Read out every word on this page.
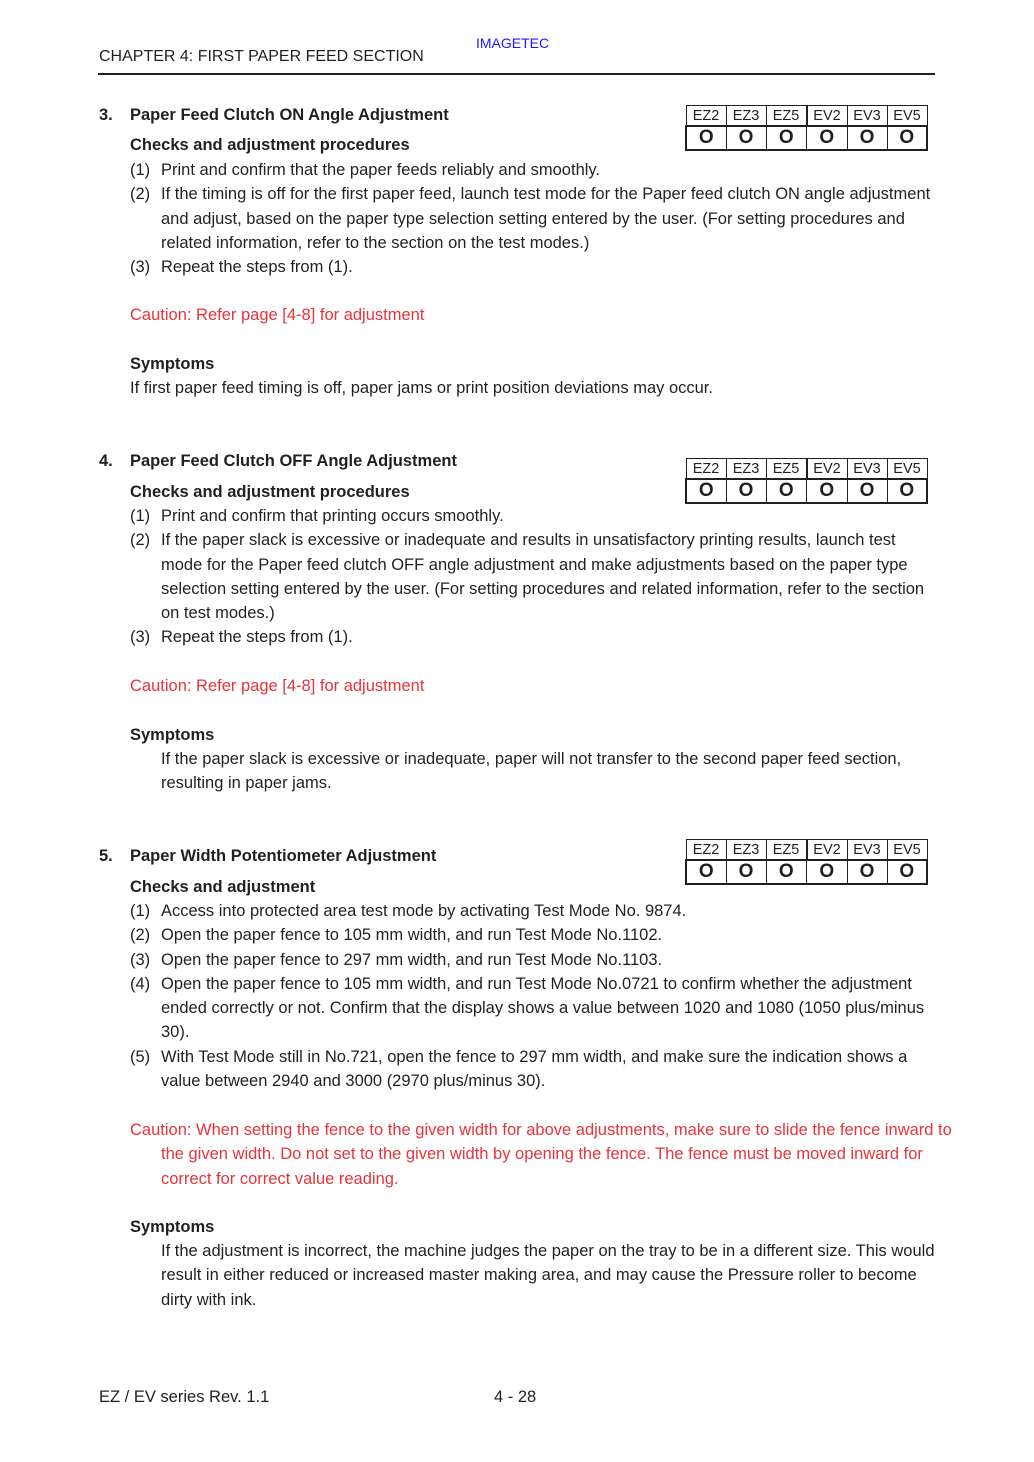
IMAGETEC
CHAPTER 4: FIRST PAPER FEED SECTION
3. Paper Feed Clutch ON Angle Adjustment	EZ2	EZ3	EZ5	EV2	EV3	EV5
O	O	O	O	O	O
Checks and adjustment procedures
(1) Print and confirm that the paper feeds reliably and smoothly.
(2) If the timing is off for the first paper feed, launch test mode for the Paper feed clutch ON angle adjustment and adjust, based on the paper type selection setting entered by the user. (For setting procedures and related information, refer to the section on the test modes.)
(3) Repeat the steps from (1).
Caution: Refer page [4-8] for adjustment
Symptoms
If first paper feed timing is off, paper jams or print position deviations may occur.
4. Paper Feed Clutch OFF Angle Adjustment	EZ2	EZ3	EZ5	EV2	EV3	EV5
O	O	O	O	O	O
Checks and adjustment procedures
(1) Print and confirm that printing occurs smoothly.
(2) If the paper slack is excessive or inadequate and results in unsatisfactory printing results, launch test mode for the Paper feed clutch OFF angle adjustment and make adjustments based on the paper type selection setting entered by the user. (For setting procedures and related information, refer to the section on test modes.)
(3) Repeat the steps from (1).
Caution: Refer page [4-8] for adjustment
Symptoms
If the paper slack is excessive or inadequate, paper will not transfer to the second paper feed section, resulting in paper jams.
5. Paper Width Potentiometer Adjustment	EZ2	EZ3	EZ5	EV2	EV3	EV5
O	O	O	O	O	O
Checks and adjustment
(1) Access into protected area test mode by activating Test Mode No. 9874.
(2) Open the paper fence to 105 mm width, and run Test Mode No.1102.
(3) Open the paper fence to 297 mm width, and run Test Mode No.1103.
(4) Open the paper fence to 105 mm width, and run Test Mode No.0721 to confirm whether the adjustment ended correctly or not. Confirm that the display shows a value between 1020 and 1080 (1050 plus/minus 30).
(5) With Test Mode still in No.721, open the fence to 297 mm width, and make sure the indication shows a value between 2940 and 3000 (2970 plus/minus 30).
Caution: When setting the fence to the given width for above adjustments, make sure to slide the fence inward to the given width. Do not set to the given width by opening the fence. The fence must be moved inward for correct for correct value reading.
Symptoms
If the adjustment is incorrect, the machine judges the paper on the tray to be in a different size. This would result in either reduced or increased master making area, and may cause the Pressure roller to become dirty with ink.
EZ / EV series Rev. 1.1	4 - 28
